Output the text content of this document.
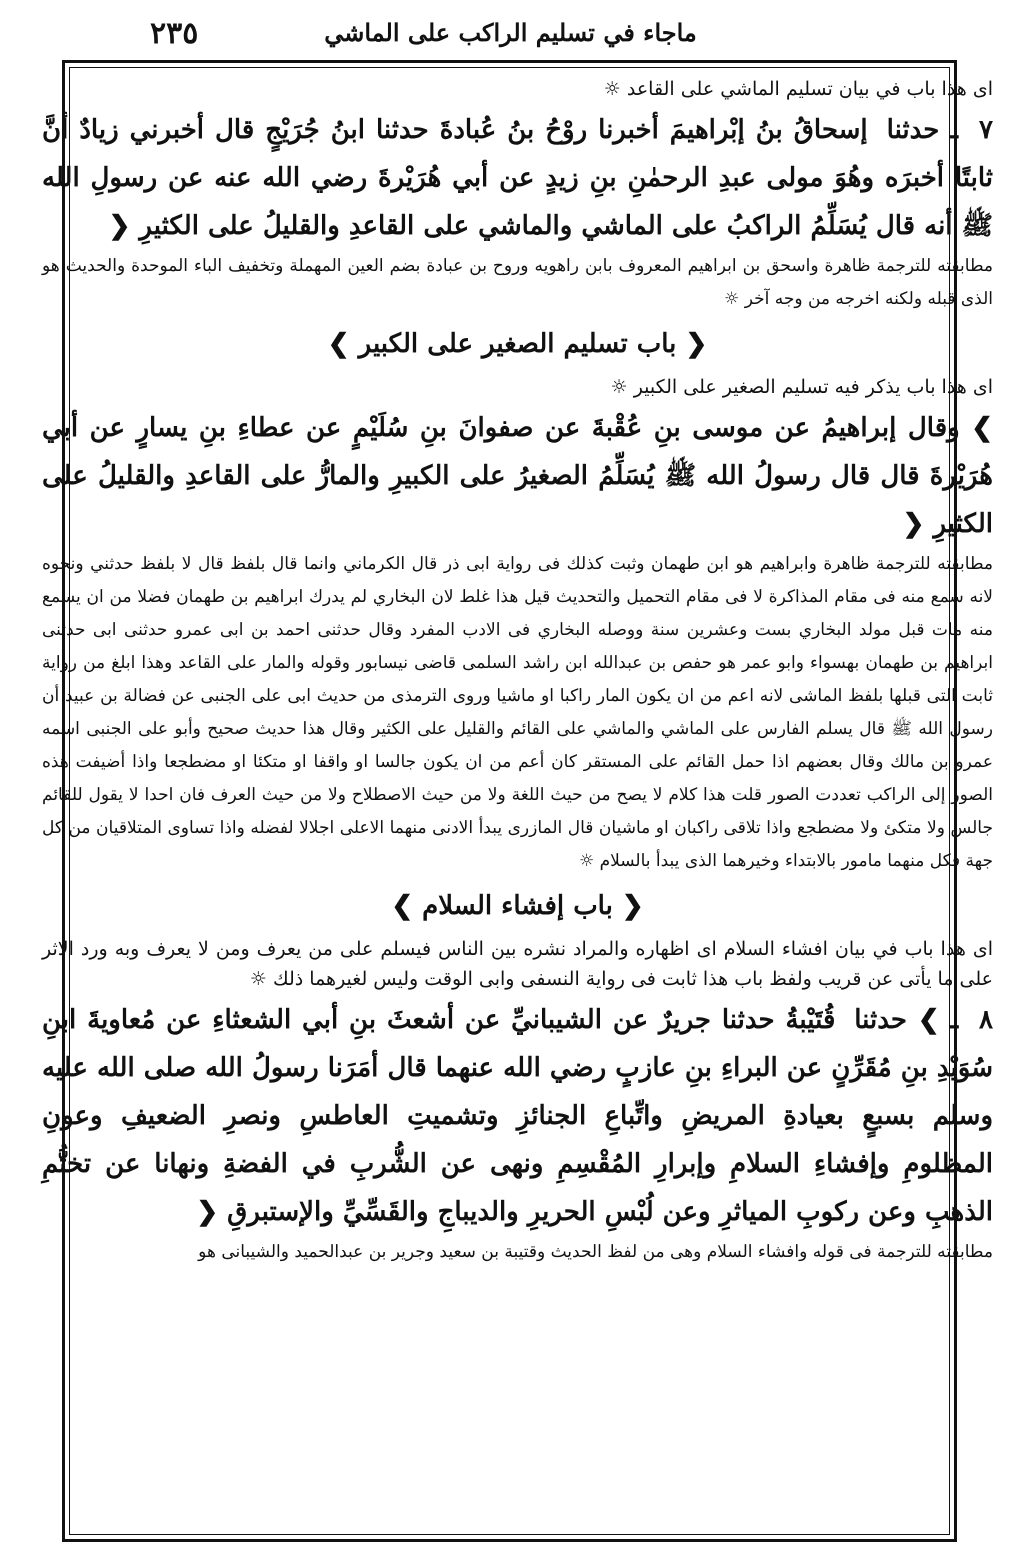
٢٣٥	ماجاء في تسليم الراكب على الماشي

اى هذا باب في بيان تسليم الماشي على القاعد ☼

٧ ـ حدثنا إسحاقُ بنُ إبْراهيمَ أخبرنا روْحُ بنُ عُبادةَ حدثنا ابنُ جُرَيْجٍ قال أخبرني زيادٌ أنَّ ثابتًا أخبرَه وهُوَ مولى عبدِ الرحمٰنِ بنِ زيدٍ عن أبي هُرَيْرةَ رضي الله عنه عن رسولِ الله ﷺ أنه قال يُسَلِّمُ الراكبُ على الماشي والماشي على القاعدِ والقليلُ على الكثيرِ ❮

مطابقته للترجمة ظاهرة واسحق بن ابراهيم المعروف بابن راهويه وروح بن عبادة بضم العين المهملة وتخفيف الباء الموحدة والحديث هو الذى قبله ولكنه اخرجه من وجه آخر ☼

❮ باب تسليم الصغير على الكبير ❯

اى هذا باب يذكر فيه تسليم الصغير على الكبير ☼

❯ وقال إبراهيمُ عن موسى بنِ عُقْبةَ عن صفوانَ بنِ سُلَيْمٍ عن عطاءِ بنِ يسارٍ عن أبي هُرَيْرةَ قال قال رسولُ الله ﷺ يُسَلِّمُ الصغيرُ على الكبيرِ والمارُّ على القاعدِ والقليلُ على الكثيرِ ❮

مطابقته للترجمة ظاهرة وابراهيم هو ابن طهمان وثبت كذلك فى رواية ابى ذر قال الكرماني وانما قال بلفظ قال لا بلفظ حدثني ونحوه لانه سمع منه فى مقام المذاكرة لا فى مقام التحميل والتحديث قيل هذا غلط لان البخاري لم يدرك ابراهيم بن طهمان فضلا من ان يسمع منه مات قبل مولد البخاري بست وعشرين سنة ووصله البخاري فى الادب المفرد وقال حدثنى احمد بن ابى عمرو حدثنى ابى حدثنى ابراهيم بن طهمان بهسواء وابو عمر هو حفص بن عبدالله ابن راشد السلمى قاضى نيسابور وقوله والمار على القاعد وهذا ابلغ من رواية ثابت التى قبلها بلفظ الماشى لانه اعم من ان يكون المار راكبا او ماشيا وروى الترمذى من حديث ابى على الجنبى عن فضالة بن عبيد أن رسول الله ﷺ قال يسلم الفارس على الماشي والماشي على القائم والقليل على الكثير وقال هذا حديث صحيح وأبو على الجنبى اسمه عمرو بن مالك وقال بعضهم اذا حمل القائم على المستقر كان أعم من ان يكون جالسا او واقفا او متكئا او مضطجعا واذا أضيفت هذه الصور إلى الراكب تعددت الصور قلت هذا كلام لا يصح من حيث اللغة ولا من حيث الاصطلاح ولا من حيث العرف فان احدا لا يقول للقائم جالس ولا متكئ ولا مضطجع واذا تلاقى راكبان او ماشيان قال المازرى يبدأ الادنى منهما الاعلى اجلالا لفضله واذا تساوى المتلاقيان من كل جهة فكل منهما مامور بالابتداء وخيرهما الذى يبدأ بالسلام ☼

❮ باب إفشاء السلام ❯

اى هذا باب في بيان افشاء السلام اى اظهاره والمراد نشره بين الناس فيسلم على من يعرف ومن لا يعرف وبه ورد الاثر على ما يأتى عن قريب ولفظ باب هذا ثابت فى رواية النسفى وابى الوقت وليس لغيرهما ذلك ☼

٨ ـ ❯ حدثنا قُتَيْبةُ حدثنا جريرٌ عن الشيبانيِّ عن أشعثَ بنِ أبي الشعثاءِ عن مُعاويةَ ابنِ سُوَيْدِ بنِ مُقَرِّنٍ عن البراءِ بنِ عازبٍ رضي الله عنهما قال أمَرَنا رسولُ الله صلى الله عليه وسلم بسبعٍ بعيادةِ المريضِ واتِّباعِ الجنائزِ وتشميتِ العاطسِ ونصرِ الضعيفِ وعونِ المظلومِ وإفشاءِ السلامِ وإبرارِ المُقْسِمِ ونهى عن الشُّربِ في الفضةِ ونهانا عن تختُّمِ الذهبِ وعن ركوبِ المياثرِ وعن لُبْسِ الحريرِ والديباجِ والقَسِّيِّ والإستبرقِ ❮

مطابقته للترجمة فى قوله وافشاء السلام وهى من لفظ الحديث وقتيبة بن سعيد وجرير بن عبدالحميد والشيبانى هو
